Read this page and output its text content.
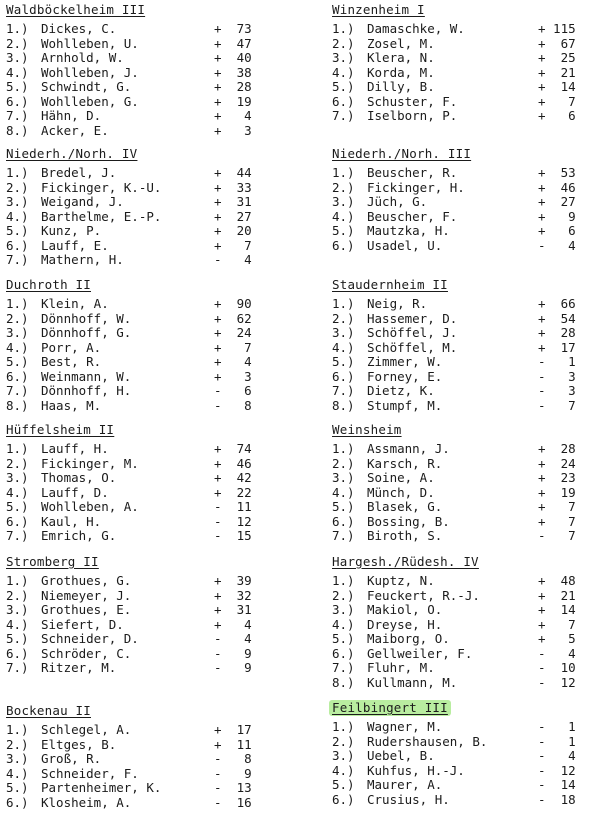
Waldböckelheim III
1.) Dickes, C.	+  73
2.) Wohlleben, U.	+  47
3.) Arnhold, W.	+  40
4.) Wohlleben, J.	+  38
5.) Schwindt, G.	+  28
6.) Wohlleben, G.	+  19
7.) Hähn, D.	+   4
8.) Acker, E.	+   3
Niederh./Norh. IV
1.) Bredel, J.	+  44
2.) Fickinger, K.-U.	+  33
3.) Weigand, J.	+  31
4.) Barthelme, E.-P.	+  27
5.) Kunz, P.	+  20
6.) Lauff, E.	+   7
7.) Mathern, H.	-   4
Duchroth II
1.) Klein, A.	+  90
2.) Dönnhoff, W.	+  62
3.) Dönnhoff, G.	+  24
4.) Porr, A.	+   7
5.) Best, R.	+   4
6.) Weinmann, W.	+   3
7.) Dönnhoff, H.	-   6
8.) Haas, M.	-   8
Hüffelsheim II
1.) Lauff, H.	+  74
2.) Fickinger, M.	+  46
3.) Thomas, O.	+  42
4.) Lauff, D.	+  22
5.) Wohlleben, A.	-  11
6.) Kaul, H.	-  12
7.) Emrich, G.	-  15
Stromberg II
1.) Grothues, G.	+  39
2.) Niemeyer, J.	+  32
3.) Grothues, E.	+  31
4.) Siefert, D.	+   4
5.) Schneider, D.	-   4
6.) Schröder, C.	-   9
7.) Ritzer, M.	-   9
Bockenau II
1.) Schlegel, A.	+  17
2.) Eltges, B.	+  11
3.) Groß, R.	-   8
4.) Schneider, F.	-   9
5.) Partenheimer, K.	-  13
6.) Klosheim, A.	-  16
Winzenheim I
1.) Damaschke, W.	+ 115
2.) Zosel, M.	+  67
3.) Klera, N.	+  25
4.) Korda, M.	+  21
5.) Dilly, B.	+  14
6.) Schuster, F.	+   7
7.) Iselborn, P.	+   6
Niederh./Norh. III
1.) Beuscher, R.	+  53
2.) Fickinger, H.	+  46
3.) Jüch, G.	+  27
4.) Beuscher, F.	+   9
5.) Mautzka, H.	+   6
6.) Usadel, U.	-   4
Staudernheim II
1.) Neig, R.	+  66
2.) Hassemer, D.	+  54
3.) Schöffel, J.	+  28
4.) Schöffel, M.	+  17
5.) Zimmer, W.	-   1
6.) Forney, E.	-   3
7.) Dietz, K.	-   3
8.) Stumpf, M.	-   7
Weinsheim
1.) Assmann, J.	+  28
2.) Karsch, R.	+  24
3.) Soine, A.	+  23
4.) Münch, D.	+  19
5.) Blasek, G.	+   7
6.) Bossing, B.	+   7
7.) Biroth, S.	-   7
Hargesh./Rüdesh. IV
1.) Kuptz, N.	+  48
2.) Feuckert, R.-J.	+  21
3.) Makiol, O.	+  14
4.) Dreyse, H.	+   7
5.) Maiborg, O.	+   5
6.) Gellweiler, F.	-   4
7.) Fluhr, M.	-  10
8.) Kullmann, M.	-  12
Feilbingert III
1.) Wagner, M.	-   1
2.) Rudershausen, B.	-   1
3.) Uebel, B.	-   4
4.) Kuhfus, H.-J.	-  12
5.) Maurer, A.	-  14
6.) Crusius, H.	-  18
